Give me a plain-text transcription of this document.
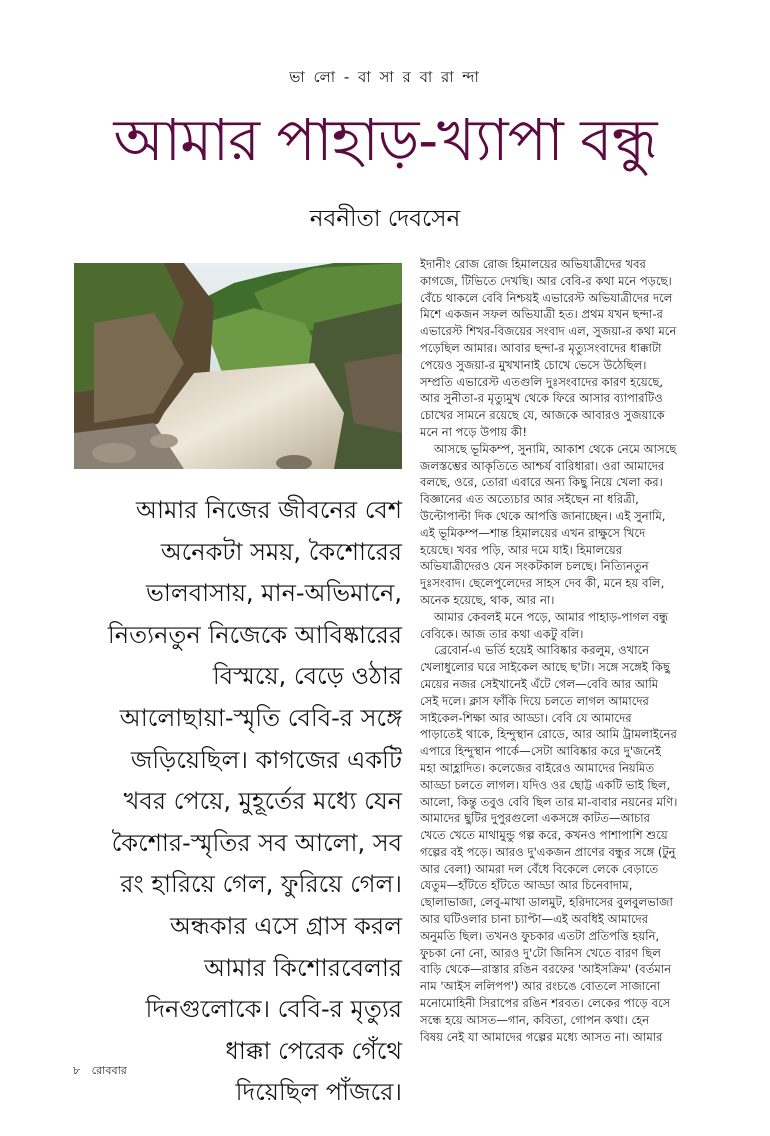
ভা লো - বা সা র বা রা ন্দা
আমার পাহাড়-খ্যাপা বন্ধু
নবনীতা দেবসেন
আমার নিজের জীবনের বেশ
অনেকটা সময়, কৈশোরের
ভালবাসায়, মান-অভিমানে,
নিত্যনতুন নিজেকে আবিষ্কারের
বিস্ময়ে, বেড়ে ওঠার
আলোছায়া-স্মৃতি বেবি-র সঙ্গে
জড়িয়েছিল। কাগজের একটি
খবর পেয়ে, মুহূর্তের মধ্যে যেন
কৈশোর-স্মৃতির সব আলো, সব
রং হারিয়ে গেল, ফুরিয়ে গেল।
অন্ধকার এসে গ্রাস করল
আমার কিশোরবেলার
দিনগুলোকে। বেবি-র মৃত্যুর
ধাক্কা পেরেক গেঁথে
দিয়েছিল পাঁজরে।
ইদানীং রোজ রোজ হিমালয়ের অভিযাত্রীদের খবর
কাগজে, টিভিতে দেখছি। আর বেবি-র কথা মনে পড়ছে।
বেঁচে থাকলে বেবি নিশ্চয়ই এভারেস্ট অভিযাত্রীদের দলে
মিশে একজন সফল অভিযাত্রী হত। প্রথম যখন ছন্দা-র
এভারেস্ট শিখর-বিজয়ের সংবাদ এল, সুজয়া-র কথা মনে
পড়েছিল আমার। আবার ছন্দা-র মৃত্যুসংবাদের ধাক্কাটা
পেয়েও সুজয়া-র মুখখানাই চোখে ভেসে উঠেছিল।
সম্প্রতি এভারেস্ট এতগুলি দুঃসংবাদের কারণ হয়েছে,
আর সুনীতা-র মৃত্যুমুখ থেকে ফিরে আসার ব্যাপারটিও
চোখের সামনে রয়েছে যে, আজকে আবারও সুজয়াকে
মনে না পড়ে উপায় কী!
আসছে ভূমিকম্প, সুনামি, আকাশ থেকে নেমে আসছে
জলস্তম্ভের আকৃতিতে আশ্চর্য বারিধারা। ওরা আমাদের
বলছে, ওরে, তোরা এবারে অন্য কিছু নিয়ে খেলা কর।
বিজ্ঞানের এত অত্যেচার আর সইছেন না ধরিত্রী,
উল্টোপাল্টা দিক থেকে আপত্তি জানাচ্ছেন। এই সুনামি,
এই ভূমিকম্প—শান্ত হিমালয়ের এখন রাক্ষুসে খিদে
হয়েছে। খবর পড়ি, আর দমে যাই। হিমালয়ের
অভিযাত্রীদেরও যেন সংকটকাল চলছে। নিত্যিনতুন
দুঃসংবাদ। ছেলেপুলেদের সাহস দেব কী, মনে হয় বলি,
অনেক হয়েছে, থাক, আর না।
আমার কেবলই মনে পড়ে, আমার পাহাড়-পাগল বন্ধু
বেবিকে। আজ তার কথা একটু বলি।
ব্রেবোর্ন-এ ভর্তি হয়েই আবিষ্কার করলুম, ওখানে
খেলাধুলোর ঘরে সাইকেল আছে ছ'টা। সঙ্গে সঙ্গেই কিছু
মেয়ের নজর সেইখানেই এঁটে গেল—বেবি আর আমি
সেই দলে। ক্লাস ফাঁকি দিয়ে চলতে লাগল আমাদের
সাইকেল-শিক্ষা আর আড্ডা। বেবি যে আমাদের
পাড়াতেই থাকে, হিন্দুস্থান রোডে, আর আমি ট্রামলাইনের
এপারে হিন্দুস্থান পার্কে—সেটা আবিষ্কার করে দু'জনেই
মহা আহ্লাদিত। কলেজের বাইরেও আমাদের নিয়মিত
আড্ডা চলতে লাগল। যদিও ওর ছোট্ট একটি ভাই ছিল,
আলো, কিন্তু তবুও বেবি ছিল তার মা-বাবার নয়নের মণি।
আমাদের ছুটির দুপুরগুলো একসঙ্গে কাটত—আচার
খেতে খেতে মাথামুন্ডু গল্প করে, কখনও পাশাপাশি শুয়ে
গল্পের বই পড়ে। আরও দু'একজন প্রাণের বন্ধুর সঙ্গে (টুনু
আর বেলা) আমরা দল বেঁধে বিকেলে লেকে বেড়াতে
যেতুম—হাঁটতে হাঁটতে আড্ডা আর চিনেবাদাম,
ছোলাভাজা, লেবু-মাখা ডালমুট, হরিদাসের বুলবুলভাজা
আর ঘটিওলার চানা চ্যাপ্টা—এই অবধিই আমাদের
অনুমতি ছিল। তখনও ফুচকার এতটা প্রতিপত্তি হয়নি,
ফুচকা নো নো, আরও দু'টো জিনিস খেতে বারণ ছিল
বাড়ি থেকে—রাস্তার রঙিন বরফের 'আইসক্রিম' (বর্তমান
নাম 'আইস ললিপপ') আর রংচঙে বোতলে সাজানো
মনোমোহিনী সিরাপের রঙিন শরবত। লেকের পাড়ে বসে
সন্ধে হয়ে আসত—গান, কবিতা, গোপন কথা। হেন
বিষয় নেই যা আমাদের গল্পের মধ্যে আসত না। আমার
৮ রোববার
